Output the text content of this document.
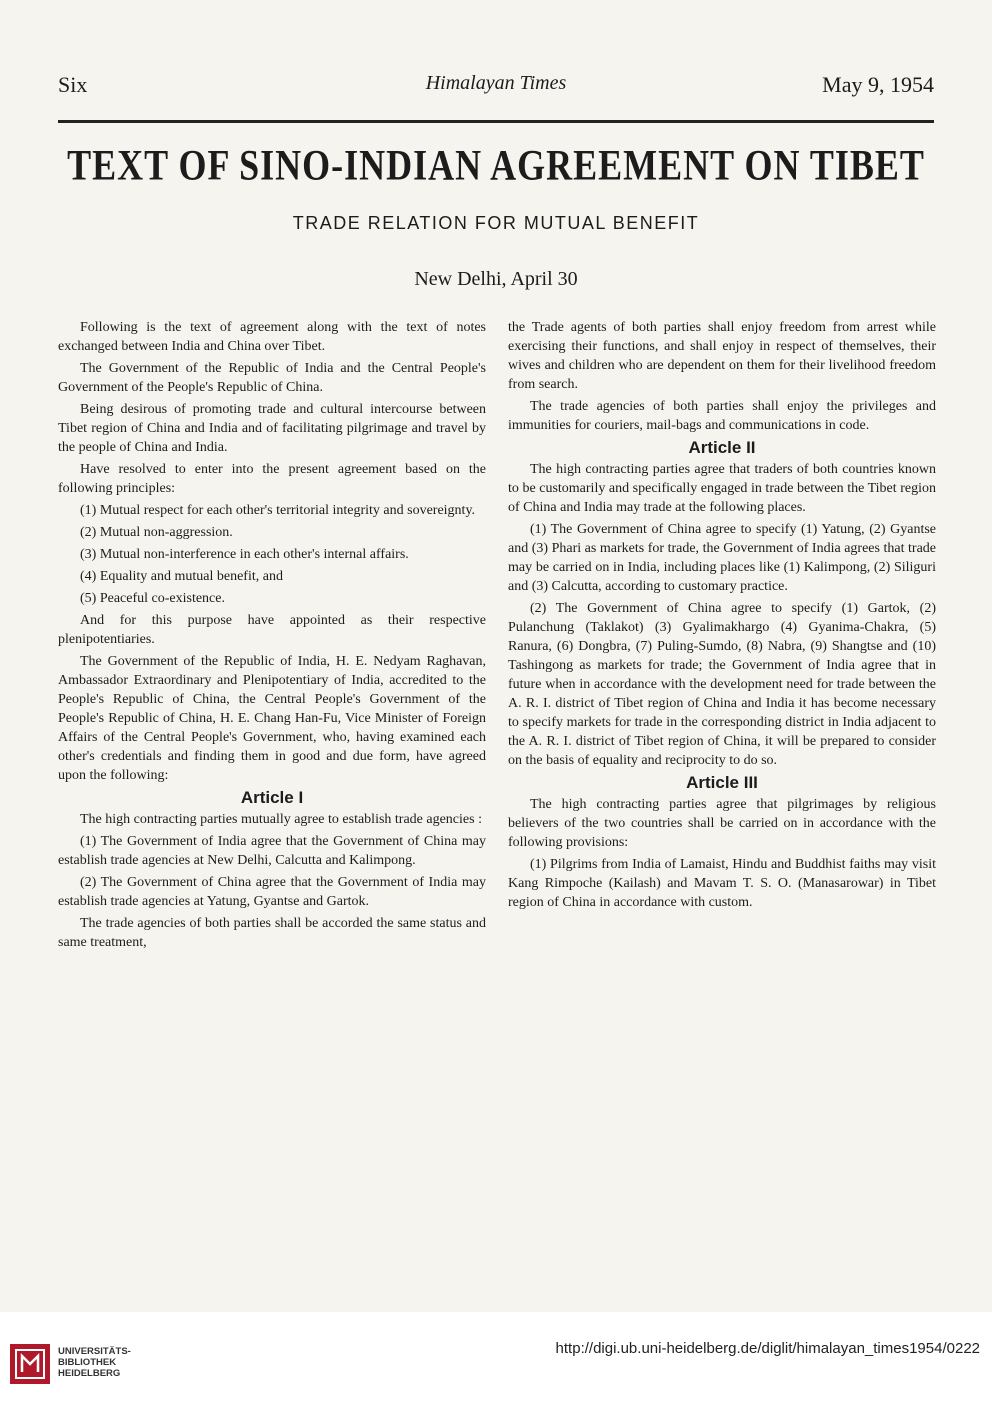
Six	Himalayan Times	May 9, 1954
TEXT OF SINO-INDIAN AGREEMENT ON TIBET
TRADE RELATION FOR MUTUAL BENEFIT
New Delhi, April 30

Following is the text of agreement along with the text of notes exchanged between India and China over Tibet.

The Government of the Republic of India and the Central People's Government of the People's Republic of China.

Being desirous of promoting trade and cultural intercourse between Tibet region of China and India and of facilitating pilgrimage and travel by the people of China and India.

Have resolved to enter into the present agreement based on the following principles:

(1) Mutual respect for each other's territorial integrity and sovereignty.

(2) Mutual non-aggression.

(3) Mutual non-interference in each other's internal affairs.

(4) Equality and mutual benefit, and

(5) Peaceful co-existence.

And for this purpose have appointed as their respective plenipotentiaries.

The Government of the Republic of India, H. E. Nedyam Raghavan, Ambassador Extraordinary and Plenipotentiary of India, accredited to the People's Republic of China, the Central People's Government of the People's Republic of China, H. E. Chang Han-Fu, Vice Minister of Foreign Affairs of the Central People's Government, who, having examined each other's credentials and finding them in good and due form, have agreed upon the following:

Article I

The high contracting parties mutually agree to establish trade agencies :

(1) The Government of India agree that the Government of China may establish trade agencies at New Delhi, Calcutta and Kalimpong.

(2) The Government of China agree that the Government of India may establish trade agencies at Yatung, Gyantse and Gartok.

The trade agencies of both parties shall be accorded the same status and same treatment,

the Trade agents of both parties shall enjoy freedom from arrest while exercising their functions, and shall enjoy in respect of themselves, their wives and children who are dependent on them for their livelihood freedom from search.

The trade agencies of both parties shall enjoy the privileges and immunities for couriers, mail-bags and communications in code.

Article II

The high contracting parties agree that traders of both countries known to be customarily and specifically engaged in trade between the Tibet region of China and India may trade at the following places.

(1) The Government of China agree to specify (1) Yatung, (2) Gyantse and (3) Phari as markets for trade, the Government of India agrees that trade may be carried on in India, including places like (1) Kalimpong, (2) Siliguri and (3) Calcutta, according to customary practice.

(2) The Government of China agree to specify (1) Gartok, (2) Pulanchung (Taklakot) (3) Gyalimakhargo (4) Gyanima-Chakra, (5) Ranura, (6) Dongbra, (7) Puling-Sumdo, (8) Nabra, (9) Shangtse and (10) Tashingong as markets for trade; the Government of India agree that in future when in accordance with the development need for trade between the A. R. I. district of Tibet region of China and India it has become necessary to specify markets for trade in the corresponding district in India adjacent to the A. R. I. district of Tibet region of China, it will be prepared to consider on the basis of equality and reciprocity to do so.

Article III

The high contracting parties agree that pilgrimages by religious believers of the two countries shall be carried on in accordance with the following provisions:

(1) Pilgrims from India of Lamaist, Hindu and Buddhist faiths may visit Kang Rimpoche (Kailash) and Mavam T. S. O. (Manasarowar) in Tibet region of China in accordance with custom.

UNIVERSITÄTS-
BIBLIOTHEK
HEIDELBERG
http://digi.ub.uni-heidelberg.de/diglit/himalayan_times1954/0222
